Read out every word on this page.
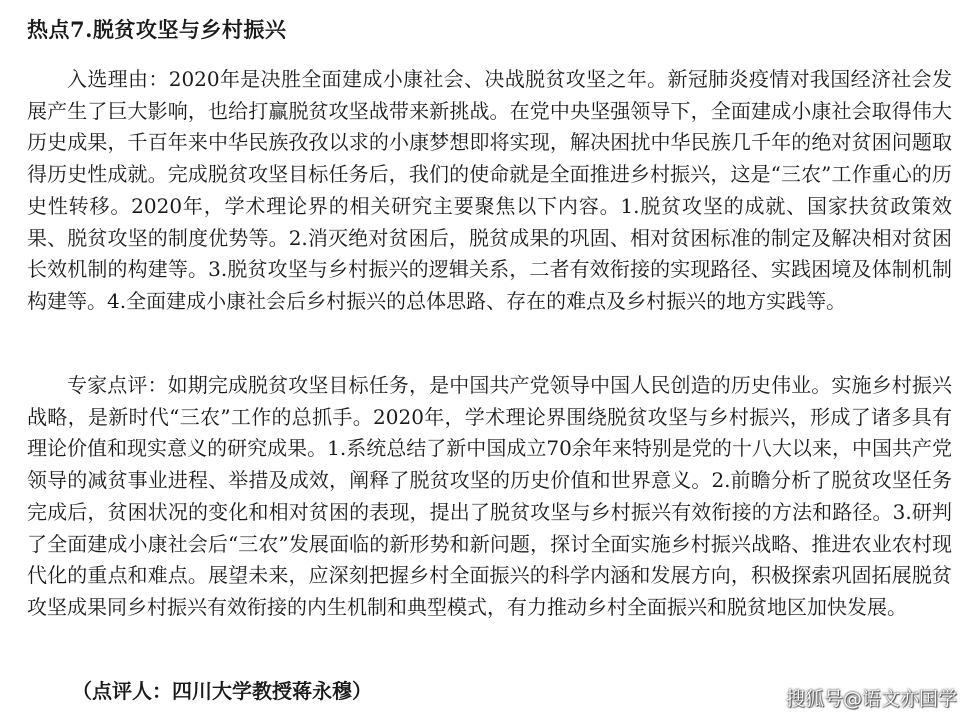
热点7.脱贫攻坚与乡村振兴

入选理由：2020年是决胜全面建成小康社会、决战脱贫攻坚之年。新冠肺炎疫情对我国经济社会发展产生了巨大影响，也给打赢脱贫攻坚战带来新挑战。在党中央坚强领导下，全面建成小康社会取得伟大历史成果，千百年来中华民族孜孜以求的小康梦想即将实现，解决困扰中华民族几千年的绝对贫困问题取得历史性成就。完成脱贫攻坚目标任务后，我们的使命就是全面推进乡村振兴，这是“三农”工作重心的历史性转移。2020年，学术理论界的相关研究主要聚焦以下内容。1.脱贫攻坚的成就、国家扶贫政策效果、脱贫攻坚的制度优势等。2.消灭绝对贫困后，脱贫成果的巩固、相对贫困标准的制定及解决相对贫困长效机制的构建等。3.脱贫攻坚与乡村振兴的逻辑关系，二者有效衔接的实现路径、实践困境及体制机制构建等。4.全面建成小康社会后乡村振兴的总体思路、存在的难点及乡村振兴的地方实践等。

专家点评：如期完成脱贫攻坚目标任务，是中国共产党领导中国人民创造的历史伟业。实施乡村振兴战略，是新时代“三农”工作的总抓手。2020年，学术理论界围绕脱贫攻坚与乡村振兴，形成了诸多具有理论价值和现实意义的研究成果。1.系统总结了新中国成立70余年来特别是党的十八大以来，中国共产党领导的减贫事业进程、举措及成效，阐释了脱贫攻坚的历史价值和世界意义。2.前瞻分析了脱贫攻坚任务完成后，贫困状况的变化和相对贫困的表现，提出了脱贫攻坚与乡村振兴有效衔接的方法和路径。3.研判了全面建成小康社会后“三农”发展面临的新形势和新问题，探讨全面实施乡村振兴战略、推进农业农村现代化的重点和难点。展望未来，应深刻把握乡村全面振兴的科学内涵和发展方向，积极探索巩固拓展脱贫攻坚成果同乡村振兴有效衔接的内生机制和典型模式，有力推动乡村全面振兴和脱贫地区加快发展。

（点评人：四川大学教授蒋永穆）	搜狐号@语文亦国学
